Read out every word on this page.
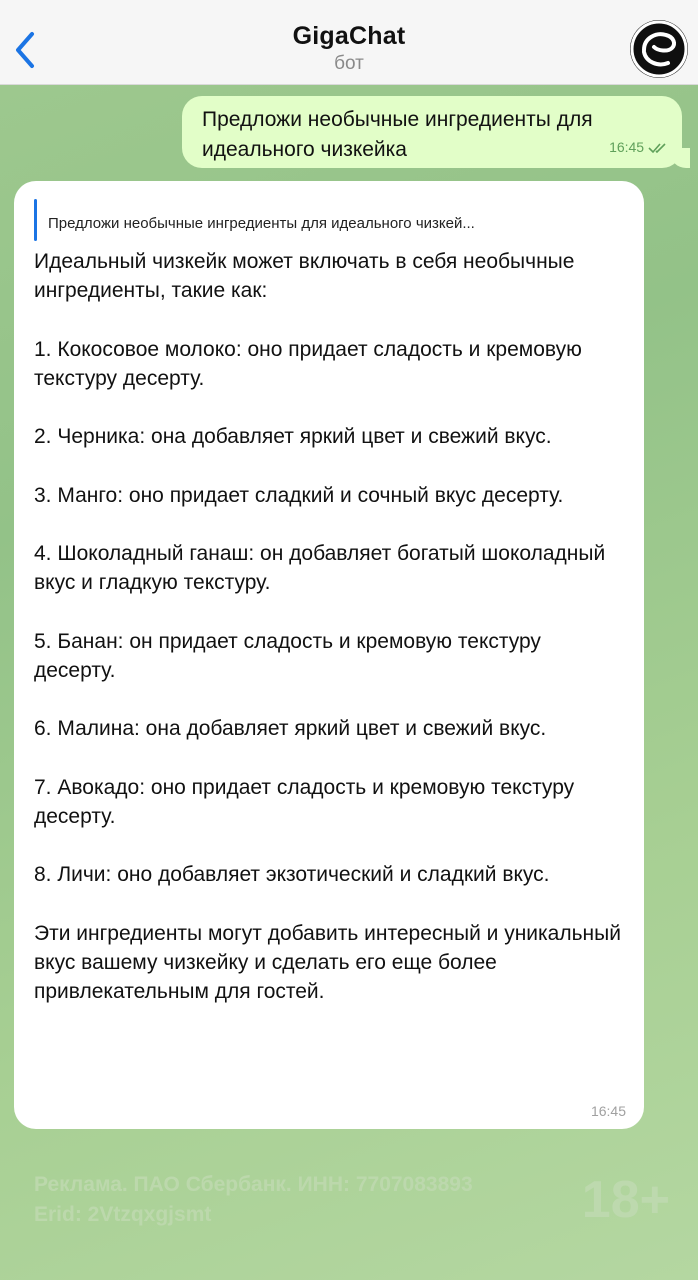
GigaChat
бот
Предложи необычные ингредиенты для идеального чизкейка	16:45
Предложи необычные ингредиенты для идеального чизкей...
Идеальный чизкейк может включать в себя необычные ингредиенты, такие как:

1. Кокосовое молоко: оно придает сладость и кремовую текстуру десерту.

2. Черника: она добавляет яркий цвет и свежий вкус.

3. Манго: оно придает сладкий и сочный вкус десерту.

4. Шоколадный ганаш: он добавляет богатый шоколадный вкус и гладкую текстуру.

5. Банан: он придает сладость и кремовую текстуру десерту.

6. Малина: она добавляет яркий цвет и свежий вкус.

7. Авокадо: оно придает сладость и кремовую текстуру десерту.

8. Личи: оно добавляет экзотический и сладкий вкус.

Эти ингредиенты могут добавить интересный и уникальный вкус вашему чизкейку и сделать его еще более привлекательным для гостей.
16:45
Реклама. ПАО Сбербанк. ИНН: 7707083893
Erid: 2Vtzqxgjsmt	18+
